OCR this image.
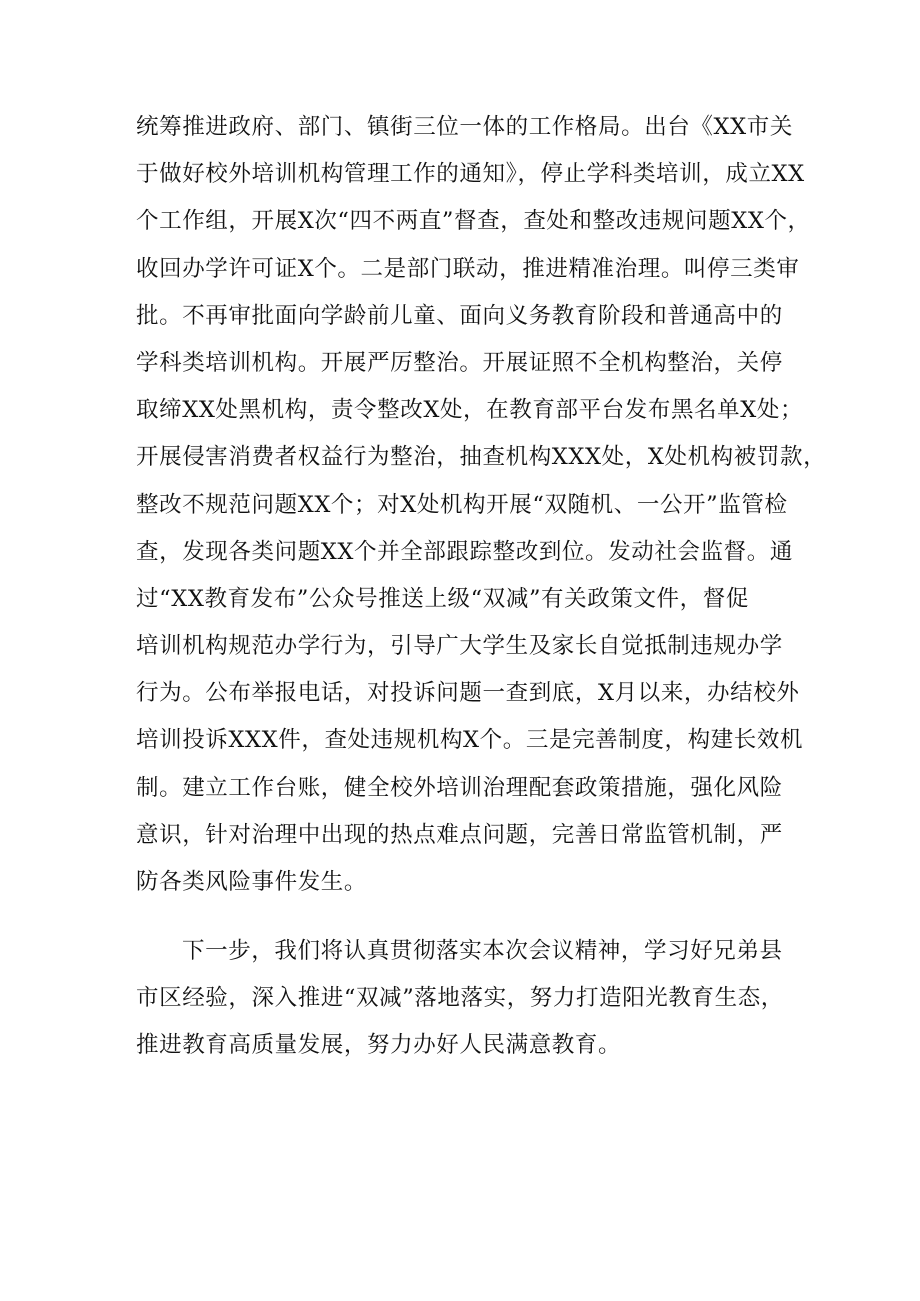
统筹推进政府、部门、镇街三位一体的工作格局。出台《XX市关
于做好校外培训机构管理工作的通知》，停止学科类培训，成立XX
个工作组，开展X次“四不两直”督查，查处和整改违规问题XX个，
收回办学许可证X个。二是部门联动，推进精准治理。叫停三类审
批。不再审批面向学龄前儿童、面向义务教育阶段和普通高中的
学科类培训机构。开展严厉整治。开展证照不全机构整治，关停
取缔XX处黑机构，责令整改X处，在教育部平台发布黑名单X处；
开展侵害消费者权益行为整治，抽查机构XXX处，X处机构被罚款，
整改不规范问题XX个；对X处机构开展“双随机、一公开”监管检
查，发现各类问题XX个并全部跟踪整改到位。发动社会监督。通
过“XX教育发布”公众号推送上级“双减”有关政策文件，督促
培训机构规范办学行为，引导广大学生及家长自觉抵制违规办学
行为。公布举报电话，对投诉问题一查到底，X月以来，办结校外
培训投诉XXX件，查处违规机构X个。三是完善制度，构建长效机
制。建立工作台账，健全校外培训治理配套政策措施，强化风险
意识，针对治理中出现的热点难点问题，完善日常监管机制，严
防各类风险事件发生。
下一步，我们将认真贯彻落实本次会议精神，学习好兄弟县
市区经验，深入推进“双减”落地落实，努力打造阳光教育生态，
推进教育高质量发展，努力办好人民满意教育。
